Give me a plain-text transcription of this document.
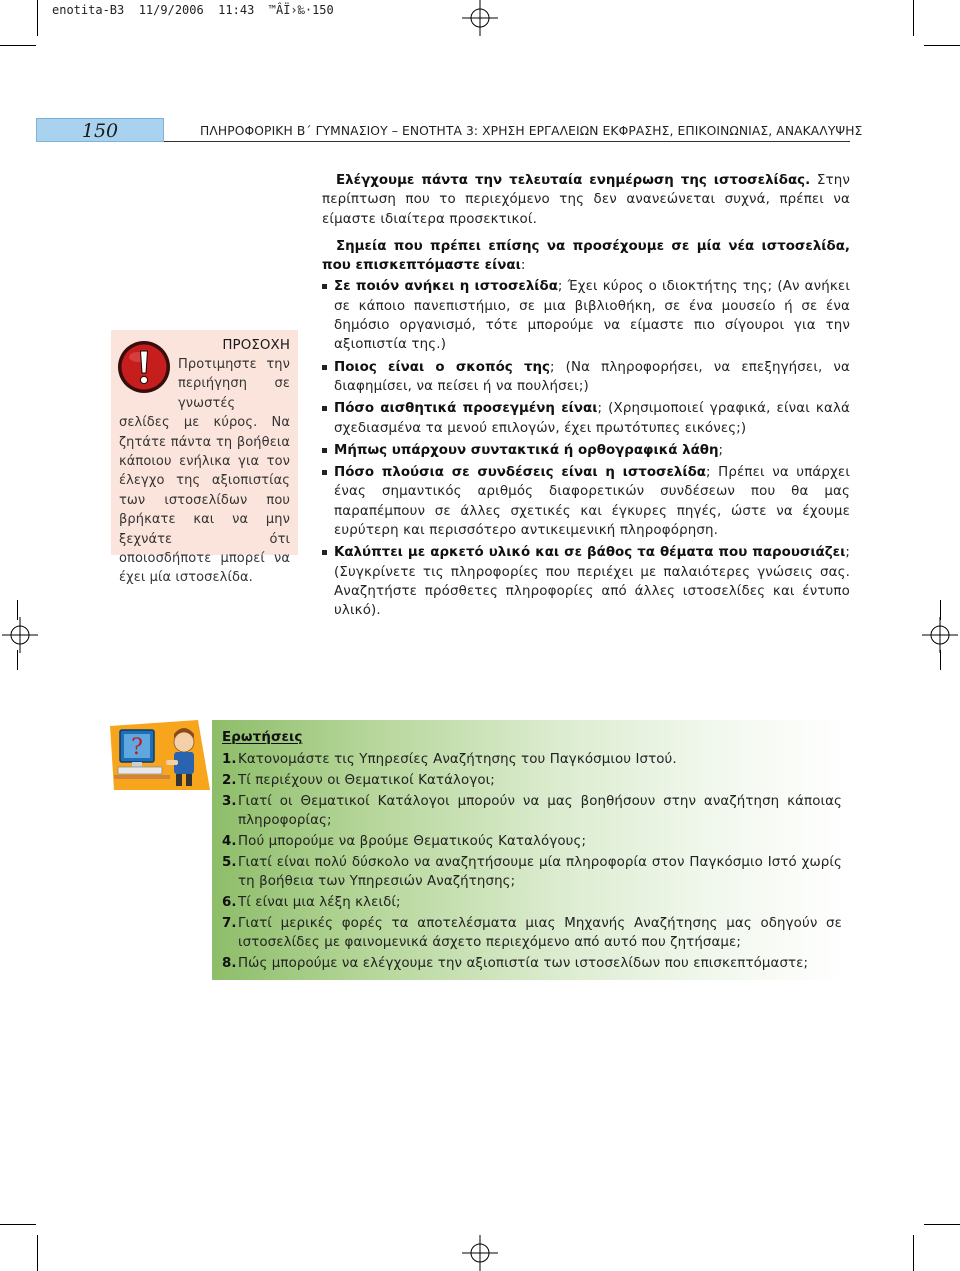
enotita-B3  11/9/2006  11:43  ™ÂÏ›‰·150
150	ΠΛΗΡΟΦΟΡΙΚΗ Β΄ ΓΥΜΝΑΣΙΟΥ – ΕΝΟΤΗΤΑ 3: ΧΡΗΣΗ ΕΡΓΑΛΕΙΩΝ ΕΚΦΡΑΣΗΣ, ΕΠΙΚΟΙΝΩΝΙΑΣ, ΑΝΑΚΑΛΥΨΗΣ

Ελέγχουμε πάντα την τελευταία ενημέρωση της ιστοσελίδας. Στην περίπτωση που το περιεχόμενο της δεν ανανεώνεται συχνά, πρέπει να είμαστε ιδιαίτερα προσεκτικοί.

Σημεία που πρέπει επίσης να προσέχουμε σε μία νέα ιστοσελίδα, που επισκεπτόμαστε είναι:

Σε ποιόν ανήκει η ιστοσελίδα; Έχει κύρος ο ιδιοκτήτης της; (Αν ανήκει σε κάποιο πανεπιστήμιο, σε μια βιβλιοθήκη, σε ένα μουσείο ή σε ένα δημόσιο οργανισμό, τότε μπορούμε να είμαστε πιο σίγουροι για την αξιοπιστία της.)
Ποιος είναι ο σκοπός της; (Να πληροφορήσει, να επεξηγήσει, να διαφημίσει, να πείσει ή να πουλήσει;)
Πόσο αισθητικά προσεγμένη είναι; (Χρησιμοποιεί γραφικά, είναι καλά σχεδιασμένα τα μενού επιλογών, έχει πρωτότυπες εικόνες;)
Μήπως υπάρχουν συντακτικά ή ορθογραφικά λάθη;
Πόσο πλούσια σε συνδέσεις είναι η ιστοσελίδα; Πρέπει να υπάρχει ένας σημαντικός αριθμός διαφορετικών συνδέσεων που θα μας παραπέμπουν σε άλλες σχετικές και έγκυρες πηγές, ώστε να έχουμε ευρύτερη και περισσότερο αντικειμενική πληροφόρηση.
Καλύπτει με αρκετό υλικό και σε βάθος τα θέματα που παρουσιάζει; (Συγκρίνετε τις πληροφορίες που περιέχει με παλαιότερες γνώσεις σας. Αναζητήστε πρόσθετες πληροφορίες από άλλες ιστοσελίδες και έντυπο υλικό).
ΠΡΟΣΟΧΗ
Προτιμηστε την περιήγηση σε γνωστές σελίδες με κύρος. Να ζητάτε πάντα τη βοήθεια κάποιου ενήλικα για τον έλεγχο της αξιοπιστίας των ιστοσελίδων που βρήκατε και να μην ξεχνάτε ότι οποιοσδήποτε μπορεί να έχει μία ιστοσελίδα.
?	Ερωτήσεις
1. Κατονομάστε τις Υπηρεσίες Αναζήτησης του Παγκόσμιου Ιστού.
2. Τί περιέχουν οι Θεματικοί Κατάλογοι;
3. Γιατί οι Θεματικοί Κατάλογοι μπορούν να μας βοηθήσουν στην αναζήτηση κάποιας πληροφορίας;
4. Πού μπορούμε να βρούμε Θεματικούς Καταλόγους;
5. Γιατί είναι πολύ δύσκολο να αναζητήσουμε μία πληροφορία στον Παγκόσμιο Ιστό χωρίς τη βοήθεια των Υπηρεσιών Αναζήτησης;
6. Τί είναι μια λέξη κλειδί;
7. Γιατί μερικές φορές τα αποτελέσματα μιας Μηχανής Αναζήτησης μας οδηγούν σε ιστοσελίδες με φαινομενικά άσχετο περιεχόμενο από αυτό που ζητήσαμε;
8. Πώς μπορούμε να ελέγχουμε την αξιοπιστία των ιστοσελίδων που επισκεπτόμαστε;
